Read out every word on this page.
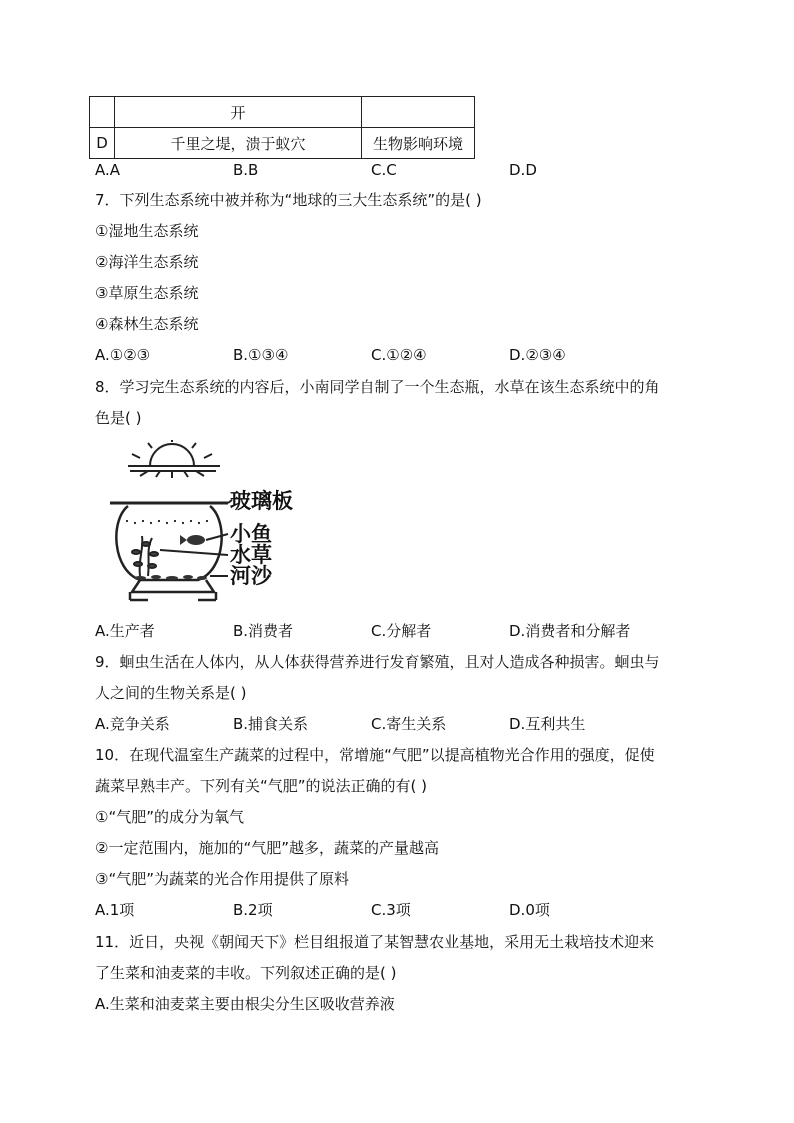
	开	
D	千里之堤，溃于蚁穴	生物影响环境
A.A	B.B	C.C	D.D
7．下列生态系统中被并称为“地球的三大生态系统”的是( )
①湿地生态系统
②海洋生态系统
③草原生态系统
④森林生态系统
A.①②③	B.①③④	C.①②④	D.②③④
8．学习完生态系统的内容后，小南同学自制了一个生态瓶，水草在该生态系统中的角
色是( )
玻璃板
小鱼
水草
河沙
A.生产者	B.消费者	C.分解者	D.消费者和分解者
9．蛔虫生活在人体内，从人体获得营养进行发育繁殖，且对人造成各种损害。蛔虫与
人之间的生物关系是( )
A.竞争关系	B.捕食关系	C.寄生关系	D.互利共生
10．在现代温室生产蔬菜的过程中，常增施“气肥”以提高植物光合作用的强度，促使
蔬菜早熟丰产。下列有关“气肥”的说法正确的有( )
①“气肥”的成分为氧气
②一定范围内，施加的“气肥”越多，蔬菜的产量越高
③“气肥”为蔬菜的光合作用提供了原料
A.1项	B.2项	C.3项	D.0项
11．近日，央视《朝闻天下》栏目组报道了某智慧农业基地，采用无土栽培技术迎来
了生菜和油麦菜的丰收。下列叙述正确的是( )
A.生菜和油麦菜主要由根尖分生区吸收营养液
